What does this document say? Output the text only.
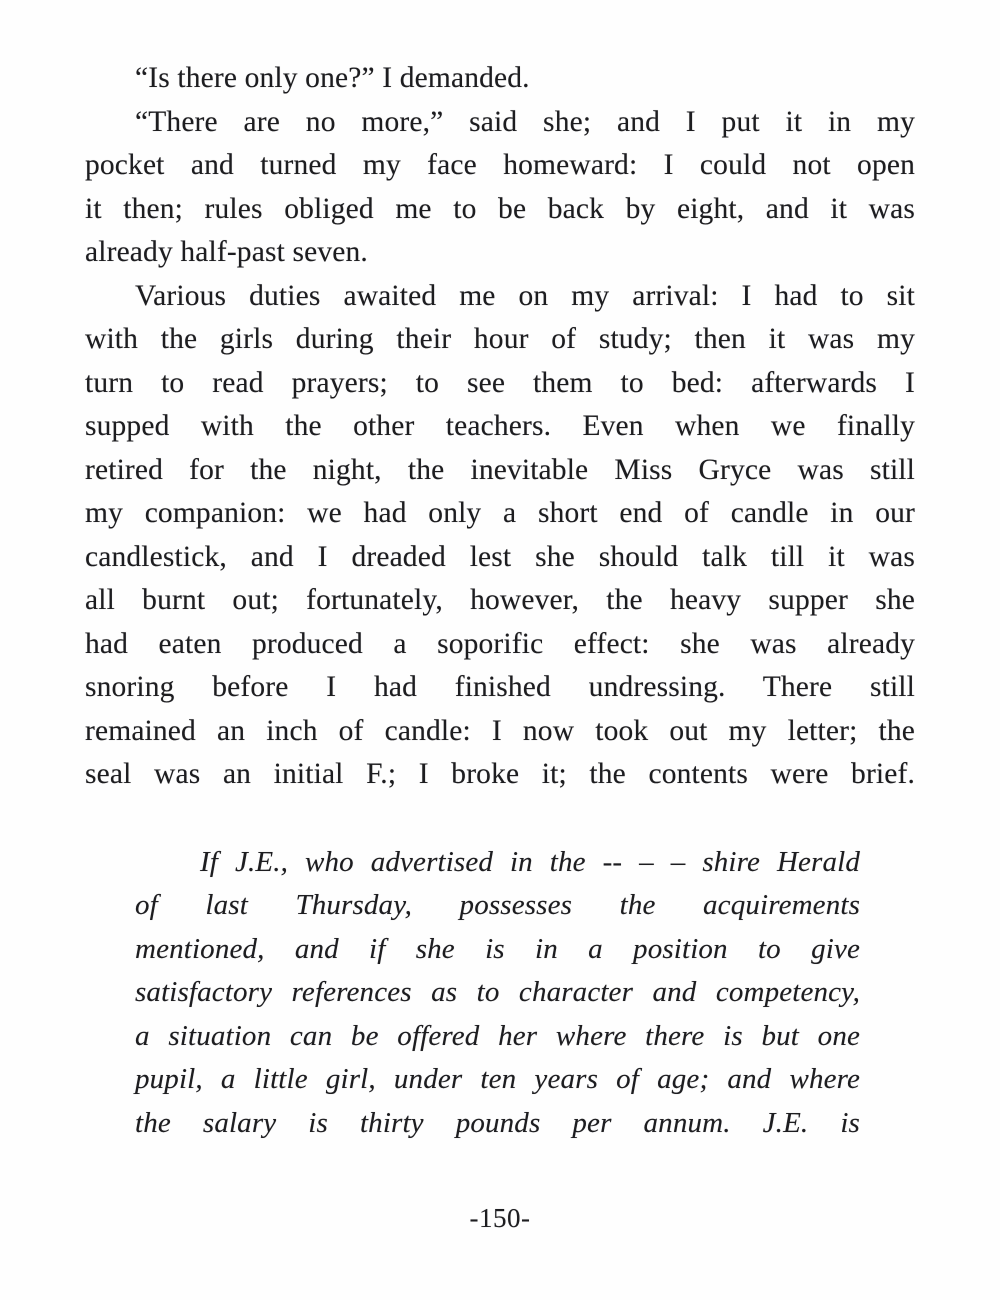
“Is there only one?” I demanded.

“There are no more,” said she; and I put it in my
pocket and turned my face homeward: I could not open
it then; rules obliged me to be back by eight, and it was
already half-past seven.

Various duties awaited me on my arrival: I had to sit
with the girls during their hour of study; then it was my
turn to read prayers; to see them to bed: afterwards I
supped with the other teachers. Even when we finally
retired for the night, the inevitable Miss Gryce was still
my companion: we had only a short end of candle in our
candlestick, and I dreaded lest she should talk till it was
all burnt out; fortunately, however, the heavy supper she
had eaten produced a soporific effect: she was already
snoring before I had finished undressing. There still
remained an inch of candle: I now took out my letter; the
seal was an initial F.; I broke it; the contents were brief.

If J.E., who advertised in the -- – – shire Herald
of last Thursday, possesses the acquirements
mentioned, and if she is in a position to give
satisfactory references as to character and competency,
a situation can be offered her where there is but one
pupil, a little girl, under ten years of age; and where
the salary is thirty pounds per annum. J.E. is
-150-
